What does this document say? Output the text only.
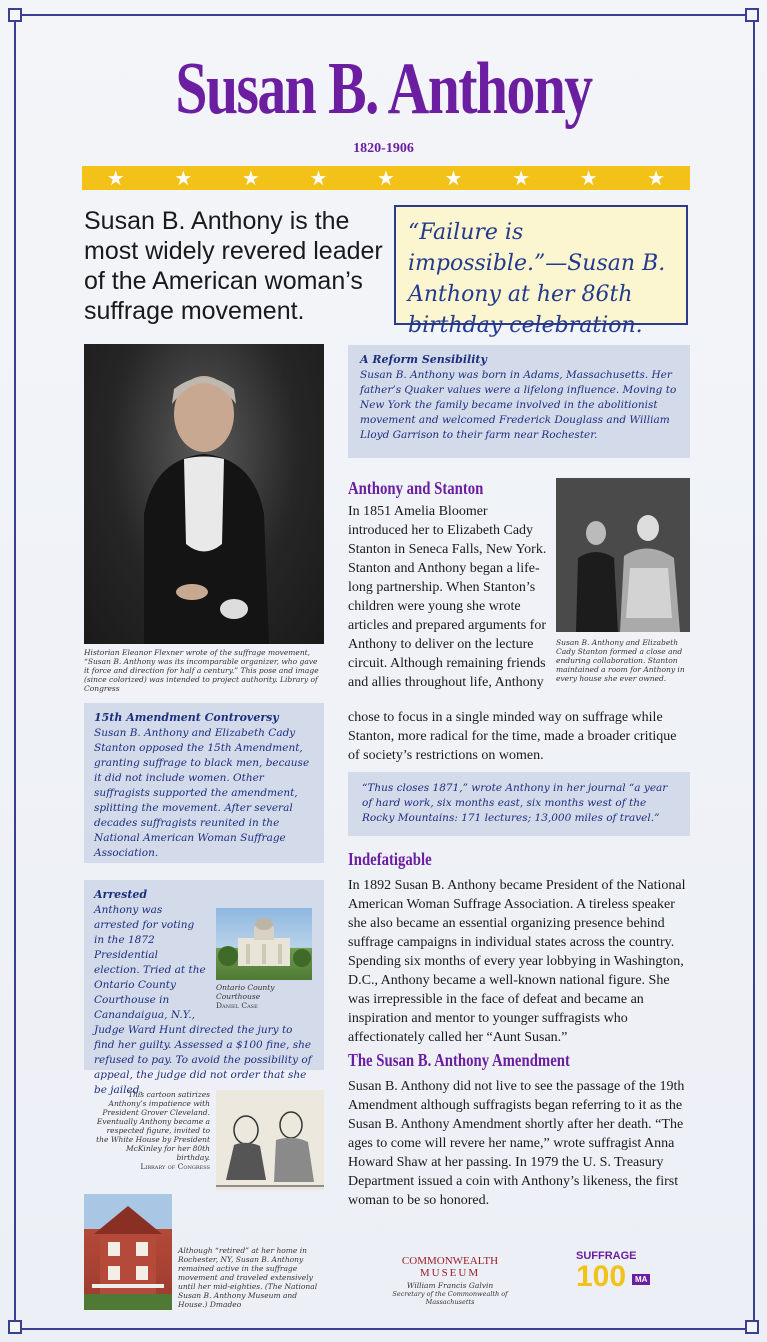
Susan B. Anthony
1820-1906
★ ★ ★ ★ ★ ★ ★ ★ ★
Susan B. Anthony is the most widely revered leader of the American woman’s suffrage movement.
“Failure is impossible.”—Susan B. Anthony at her 86th birthday celebration.
Historian Eleanor Flexner wrote of the suffrage movement, “Susan B. Anthony was its incomparable organizer, who gave it force and direction for half a century.” This pose and image (since colorized) was intended to project authority. Library of Congress
A Reform Sensibility

Susan B. Anthony was born in Adams, Massachusetts. Her father’s Quaker values were a lifelong influence. Moving to New York the family became involved in the abolitionist movement and welcomed Frederick Douglass and William Lloyd Garrison to their farm near Rochester.

Anthony and Stanton
In 1851 Amelia Bloomer introduced her to Elizabeth Cady Stanton in Seneca Falls, New York. Stanton and Anthony began a life-long partnership. When Stanton’s children were young she wrote articles and prepared arguments for Anthony to deliver on the lecture circuit. Although remaining friends and allies throughout life, Anthony
Susan B. Anthony and Elizabeth Cady Stanton formed a close and enduring collaboration. Stanton maintained a room for Anthony in every house she ever owned.
chose to focus in a single minded way on suffrage while Stanton, more radical for the time, made a broader critique of society’s restrictions on women.
15th Amendment Controversy

Susan B. Anthony and Elizabeth Cady Stanton opposed the 15th Amendment, granting suffrage to black men, because it did not include women. Other suffragists supported the amendment, splitting the movement. After several decades suffragists reunited in the National American Woman Suffrage Association.

“Thus closes 1871,” wrote Anthony in her journal “a year of hard work, six months east, six months west of the Rocky Mountains: 171 lectures; 13,000 miles of travel.”

Indefatigable
In 1892 Susan B. Anthony became President of the National American Woman Suffrage Association. A tireless speaker she also became an essential organizing presence behind suffrage campaigns in individual states across the country. Spending six months of every year lobbying in Washington, D.C., Anthony became a well-known national figure. She was irrepressible in the face of defeat and became an inspiration and mentor to younger suffragists who affectionately called her “Aunt Susan.”
Arrested

Anthony was arrested for voting in the 1872 Presidential election. Tried at the Ontario County Courthouse in Canandaigua, N.Y.,

Judge Ward Hunt directed the jury to find her guilty. Assessed a $100 fine, she refused to pay. To avoid the possibility of appeal, the judge did not order that she be jailed.

Ontario County Courthouse
Daniel Case
The Susan B. Anthony Amendment
Susan B. Anthony did not live to see the passage of the 19th Amendment although suffragists began referring to it as the Susan B. Anthony Amendment shortly after her death. “The ages to come will revere her name,” wrote suffragist Anna Howard Shaw at her passing. In 1979 the U. S. Treasury Department issued a coin with Anthony’s likeness, the first woman to be so honored.
This cartoon satirizes Anthony’s impatience with President Grover Cleveland. Eventually Anthony became a respected figure, invited to the White House by President McKinley for her 80th birthday.
Library of Congress
Although “retired” at her home in Rochester, NY, Susan B. Anthony remained active in the suffrage movement and traveled extensively until her mid-eighties. (The National Susan B. Anthony Museum and House.) Dmadeo
COMMONWEALTH
MUSEUM
William Francis Galvin
Secretary of the Commonwealth of Massachusetts
SUFFRAGE
100	MA
